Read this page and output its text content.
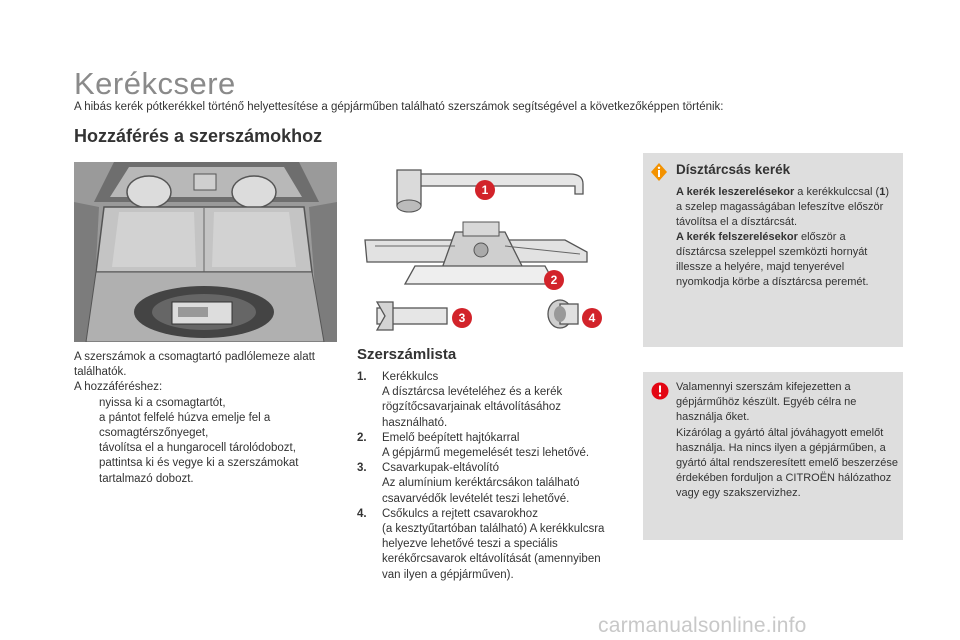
Kerékcsere
A hibás kerék pótkerékkel történő helyettesítése a gépjárműben található szerszámok segítségével a következőképpen történik:
Hozzáférés a szerszámokhoz

A szerszámok a csomagtartó padlólemeze alatt találhatók.

A hozzáféréshez:

nyissa ki a csomagtartót,
a pántot felfelé húzva emelje fel a csomagtérszőnyeget,
távolítsa el a hungarocell tárolódobozt,
pattintsa ki és vegye ki a szerszámokat tartalmazó dobozt.
1
2
3	4
Szerszámlista
1. Kerékkulcs
A dísztárcsa levételéhez és a kerék rögzítőcsavarjainak eltávolításához használható.
2. Emelő beépített hajtókarral
A gépjármű megemelését teszi lehetővé.
3. Csavarkupak-eltávolító
Az alumínium keréktárcsákon található csavarvédők levételét teszi lehetővé.
4. Csőkulcs a rejtett csavarokhoz
(a kesztyűtartóban található) A kerékkulcsra helyezve lehetővé teszi a speciális kerékőrcsavarok eltávolítását (amennyiben van ilyen a gépjárműven).
Dísztárcsás kerék
A kerék leszerelésekor a kerékkulccsal (1) a szelep magasságában lefeszítve először távolítsa el a dísztárcsát.
A kerék felszerelésekor először a dísztárcsa szeleppel szemközti hornyát illessze a helyére, majd tenyerével nyomkodja körbe a dísztárcsa peremét.
Valamennyi szerszám kifejezetten a gépjárműhöz készült. Egyéb célra ne használja őket.
Kizárólag a gyártó által jóváhagyott emelőt használja. Ha nincs ilyen a gépjárműben, a gyártó által rendszeresített emelő beszerzése érdekében forduljon a CITROËN hálózathoz vagy egy szakszervizhez.
carmanualsonline.info
